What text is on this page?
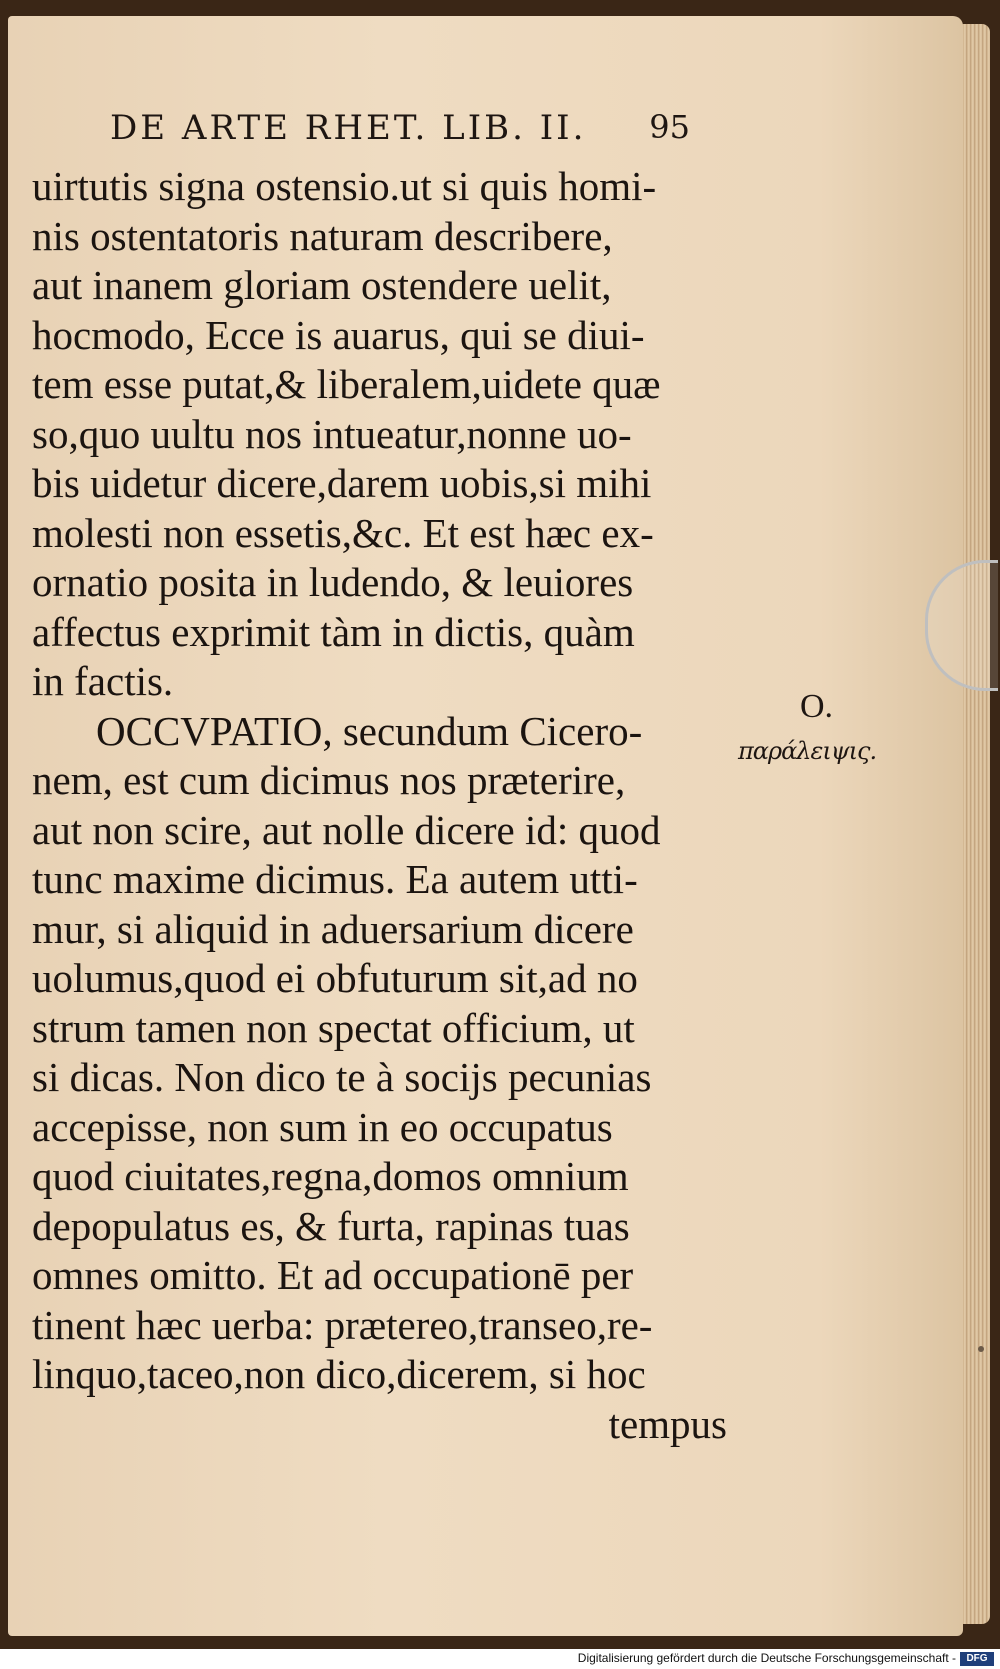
DE ARTE RHET. LIB. II. 95
uirtutis signa ostensio.ut si quis homi-
nis ostentatoris naturam describere,
aut inanem gloriam ostendere uelit,
hocmodo, Ecce is auarus, qui se diui-
tem esse putat,& liberalem,uidete quæ
so,quo uultu nos intueatur,nonne uo-
bis uidetur dicere,darem uobis,si mihi
molesti non essetis,&c. Et est hæc ex-
ornatio posita in ludendo, & leuiores
affectus exprimit tàm in dictis, quàm
in factis.
OCCVPATIO, secundum Cicero-
nem, est cum dicimus nos præterire,
aut non scire, aut nolle dicere id: quod
tunc maxime dicimus. Ea autem utti-
mur, si aliquid in aduersarium dicere
uolumus,quod ei obfuturum sit,ad no
strum tamen non spectat officium, ut
si dicas. Non dico te à socijs pecunias
accepisse, non sum in eo occupatus
quod ciuitates,regna,domos omnium
depopulatus es, & furta, rapinas tuas
omnes omitto. Et ad occupationē per
tinent hæc uerba: prætereo,transeo,re-
linquo,taceo,non dico,dicerem, si hoc
tempus
O.
παράλειψις.
Digitalisierung gefördert durch die Deutsche Forschungsgemeinschaft -	DFG
